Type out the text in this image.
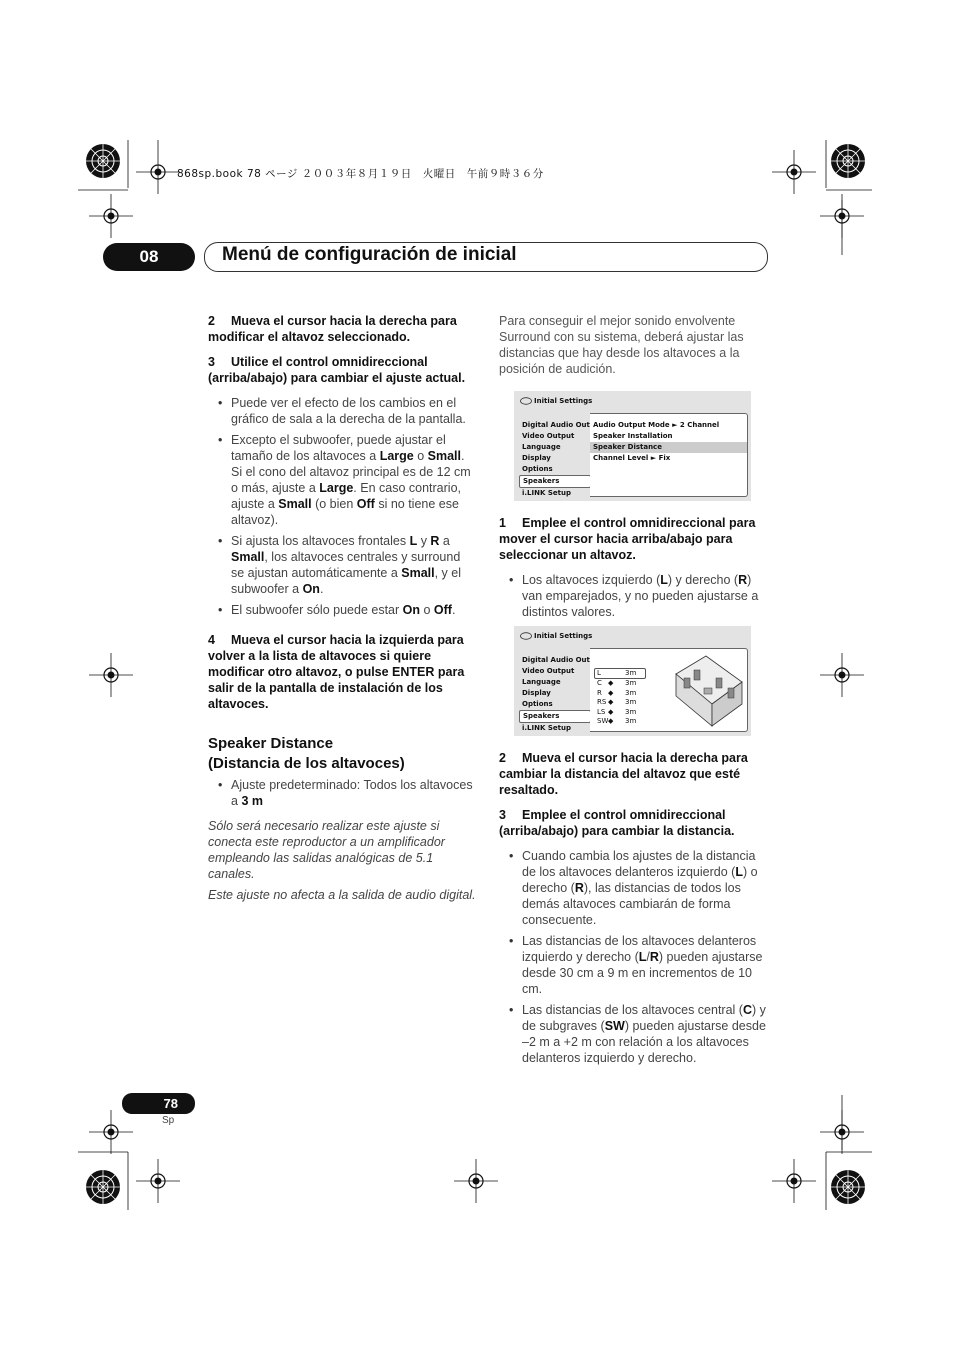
868sp.book 78 ページ ２００３年８月１９日　火曜日　午前９時３６分
08	Menú de configuración de inicial

2 Mueva el cursor hacia la derecha para modificar el altavoz seleccionado.

3 Utilice el control omnidireccional (arriba/abajo) para cambiar el ajuste actual.

• Puede ver el efecto de los cambios en el gráfico de sala a la derecha de la pantalla.
• Excepto el subwoofer, puede ajustar el tamaño de los altavoces a Large o Small. Si el cono del altavoz principal es de 12 cm o más, ajuste a Large. En caso contrario, ajuste a Small (o bien Off si no tiene ese altavoz).
• Si ajusta los altavoces frontales L y R a Small, los altavoces centrales y surround se ajustan automáticamente a Small, y el subwoofer a On.
• El subwoofer sólo puede estar On o Off.

4 Mueva el cursor hacia la izquierda para volver a la lista de altavoces si quiere modificar otro altavoz, o pulse ENTER para salir de la pantalla de instalación de los altavoces.

Speaker Distance
(Distancia de los altavoces)
• Ajuste predeterminado: Todos los altavoces a 3 m

Sólo será necesario realizar este ajuste si conecta este reproductor a un amplificador empleando las salidas analógicas de 5.1 canales.

Este ajuste no afecta a la salida de audio digital.

Para conseguir el mejor sonido envolvente Surround con su sistema, deberá ajustar las distancias que hay desde los altavoces a la posición de audición.

Initial Settings
Digital Audio Out
Video Output
Language
Display
Options
Speakers
i.LINK Setup
Audio Output Mode ► 2 Channel
Speaker Installation
Speaker Distance
Channel Level ► Fix

1 Emplee el control omnidireccional para mover el cursor hacia arriba/abajo para seleccionar un altavoz.

• Los altavoces izquierdo (L) y derecho (R) van emparejados, y no pueden ajustarse a distintos valores.
Initial Settings
Digital Audio Out
Video Output
Language
Display
Options
Speakers
i.LINK Setup
L	3m
C ◆ 3m
R ◆ 3m
RS ◆ 3m
LS ◆ 3m
SW ◆ 3m

2 Mueva el cursor hacia la derecha para cambiar la distancia del altavoz que esté resaltado.

3 Emplee el control omnidireccional (arriba/abajo) para cambiar la distancia.

• Cuando cambia los ajustes de la distancia de los altavoces delanteros izquierdo (L) o derecho (R), las distancias de todos los demás altavoces cambiarán de forma consecuente.
• Las distancias de los altavoces delanteros izquierdo y derecho (L/R) pueden ajustarse desde 30 cm a 9 m en incrementos de 10 cm.
• Las distancias de los altavoces central (C) y de subgraves (SW) pueden ajustarse desde –2 m a +2 m con relación a los altavoces delanteros izquierdo y derecho.
78
Sp
